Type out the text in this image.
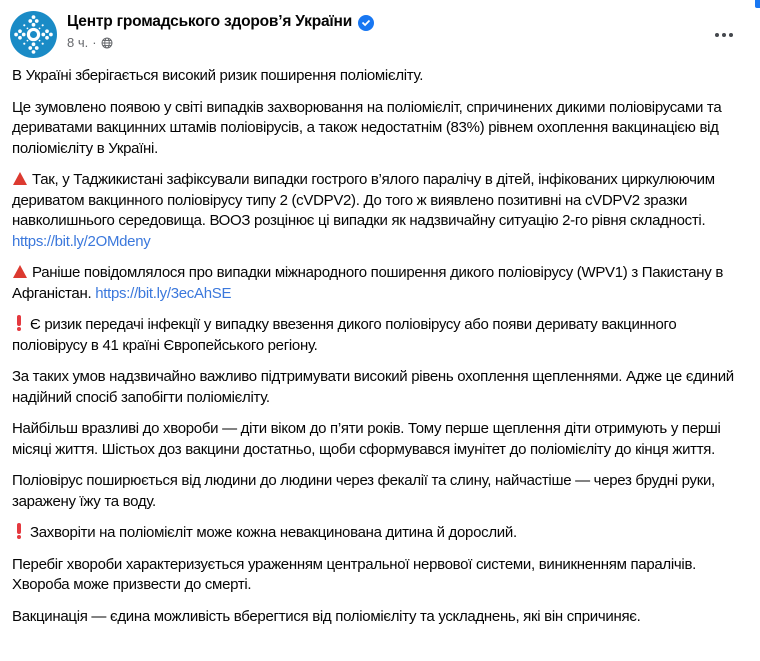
Центр громадського здоров’я України
8 ч. ·

В Україні зберігається високий ризик поширення поліомієліту.

Це зумовлено появою у світі випадків захворювання на поліомієліт, спричинених дикими поліовірусами та дериватами вакцинних штамів поліовірусів, а також недостатнім (83%) рівнем охоплення вакцинацією від поліомієліту в Україні.

Так, у Таджикистані зафіксували випадки гострого в’ялого паралічу в дітей, інфікованих циркулюючим дериватом вакцинного поліовірусу типу 2 (cVDPV2). До того ж виявлено позитивні на cVDPV2 зразки навколишнього середовища. ВООЗ розцінює ці випадки як надзвичайну ситуацію 2-го рівня складності. https://bit.ly/2OMdeny

Раніше повідомлялося про випадки міжнародного поширення дикого поліовірусу (WPV1) з Пакистану в Афганістан. https://bit.ly/3ecAhSE

Є ризик передачі інфекції у випадку ввезення дикого поліовірусу або появи деривату вакцинного поліовірусу в 41 країні Європейського регіону.

За таких умов надзвичайно важливо підтримувати високий рівень охоплення щепленнями. Адже це єдиний надійний спосіб запобігти поліомієліту.

Найбільш вразливі до хвороби — діти віком до п’яти років. Тому перше щеплення діти отримують у перші місяці життя. Шістьох доз вакцини достатньо, щоби сформувався імунітет до поліомієліту до кінця життя.

Поліовірус поширюється від людини до людини через фекалії та слину, найчастіше — через брудні руки, заражену їжу та воду.

Захворіти на поліомієліт може кожна невакцинована дитина й дорослий.

Перебіг хвороби характеризується ураженням центральної нервової системи, виникненням паралічів. Хвороба може призвести до смерті.

Вакцинація — єдина можливість вберегтися від поліомієліту та ускладнень, які він спричиняє.
